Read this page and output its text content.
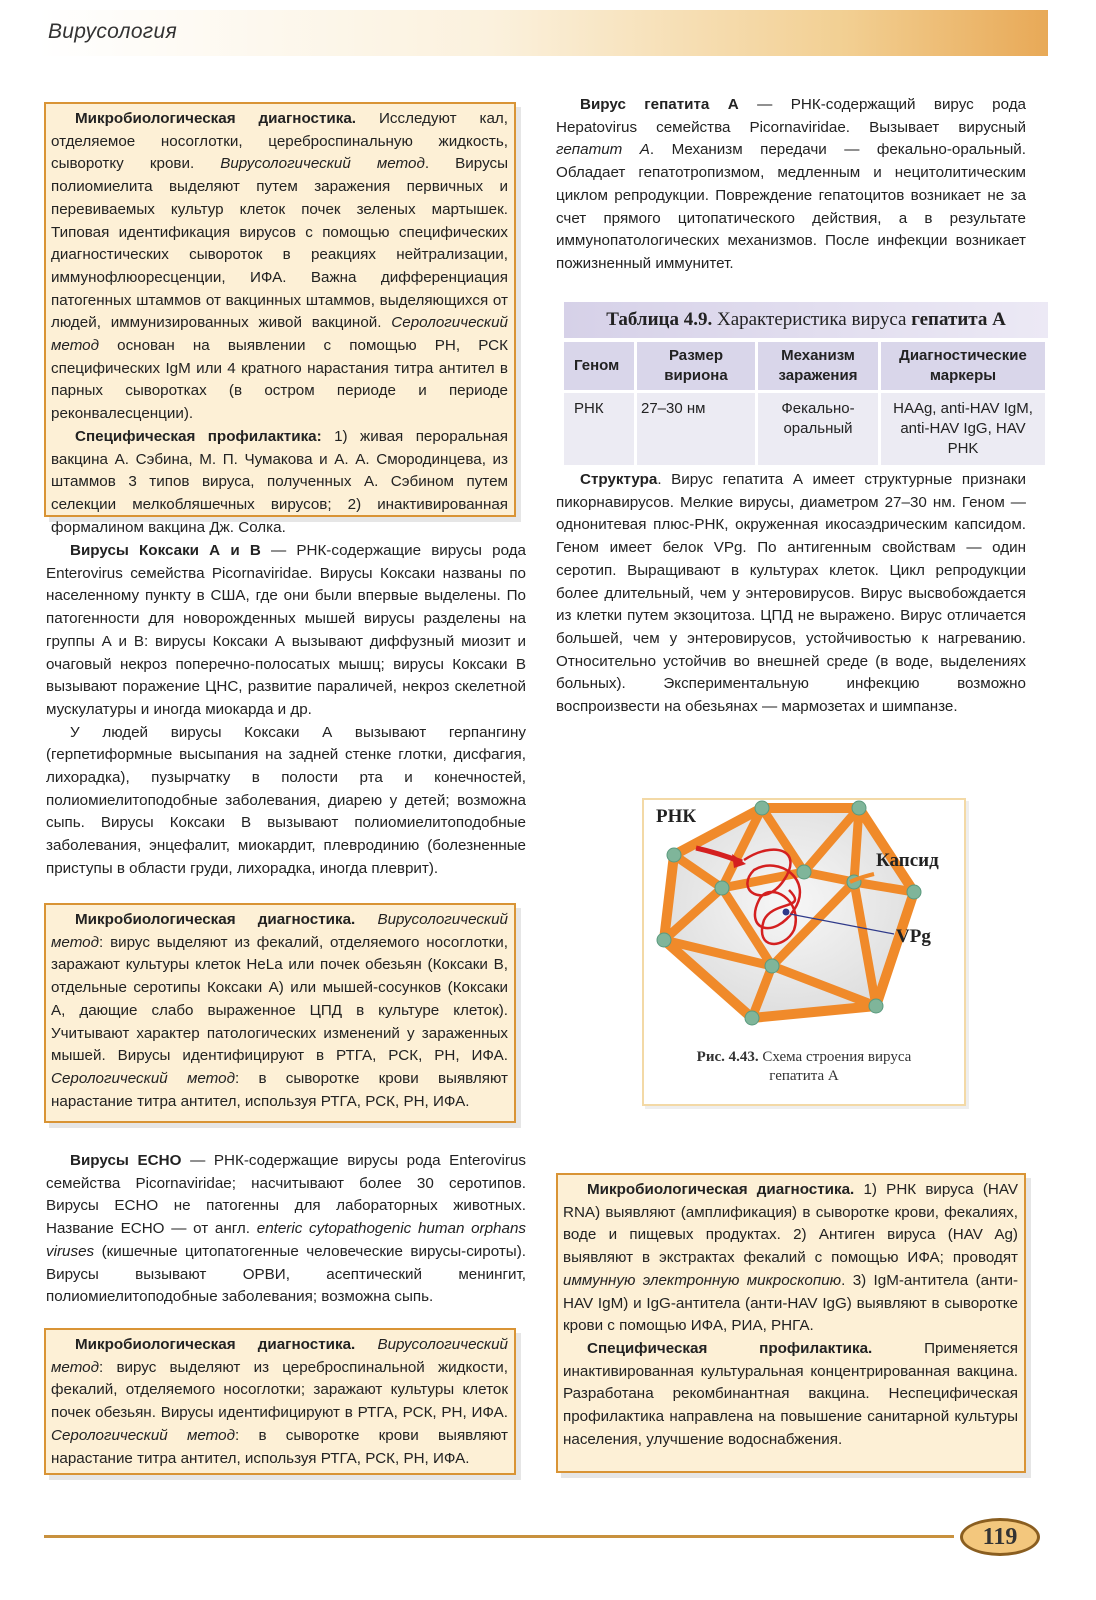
Вирусология

Микробиологическая диагностика. Исследуют кал, отделяемое носоглотки, цереброспинальную жидкость, сыворотку крови. Вирусологический метод. Вирусы полиомиелита выделяют путем заражения первичных и перевиваемых культур клеток почек зеленых мартышек. Типовая идентификация вирусов с помощью специфических диагностических сывороток в реакциях нейтрализации, иммунофлюоресценции, ИФА. Важна дифференциация патогенных штаммов от вакцинных штаммов, выделяющихся от людей, иммунизированных живой вакциной. Серологический метод основан на выявлении с помощью РН, РСК специфических IgM или 4 кратного нарастания титра антител в парных сыворотках (в остром периоде и периоде реконвалесценции).

Специфическая профилактика: 1) живая пероральная вакцина А. Сэбина, М. П. Чумакова и А. А. Смородинцева, из штаммов 3 типов вируса, полученных А. Сэбином путем селекции мелкобляшечных вирусов; 2) инактивированная формалином вакцина Дж. Солка.

Вирусы Коксаки А и В — РНК-содержащие вирусы рода Enterovirus семейства Picornaviridae. Вирусы Коксаки названы по населенному пункту в США, где они были впервые выделены. По патогенности для новорожденных мышей вирусы разделены на группы А и В: вирусы Коксаки А вызывают диффузный миозит и очаговый некроз поперечно-полосатых мышц; вирусы Коксаки В вызывают поражение ЦНС, развитие параличей, некроз скелетной мускулатуры и иногда миокарда и др.

У людей вирусы Коксаки А вызывают герпангину (герпетиформные высыпания на задней стенке глотки, дисфагия, лихорадка), пузырчатку в полости рта и конечностей, полиомиелитоподобные заболевания, диарею у детей; возможна сыпь. Вирусы Коксаки В вызывают полиомиелитоподобные заболевания, энцефалит, миокардит, плевродинию (болезненные приступы в области груди, лихорадка, иногда плеврит).

Микробиологическая диагностика. Вирусологический метод: вирус выделяют из фекалий, отделяемого носоглотки, заражают культуры клеток HeLa или почек обезьян (Коксаки В, отдельные серотипы Коксаки А) или мышей-сосунков (Коксаки А, дающие слабо выраженное ЦПД в культуре клеток). Учитывают характер патологических изменений у зараженных мышей. Вирусы идентифицируют в РТГА, РСК, РН, ИФА. Серологический метод: в сыворотке крови выявляют нарастание титра антител, используя РТГА, РСК, РН, ИФА.

Вирусы ЕСНО — РНК-содержащие вирусы рода Enterovirus семейства Picornaviridae; насчитывают более 30 серотипов. Вирусы ЕСНО не патогенны для лабораторных животных. Название ЕСНО — от англ. enteric cytopathogenic human orphans viruses (кишечные цитопатогенные человеческие вирусы-сироты). Вирусы вызывают ОРВИ, асептический менингит, полиомиелитоподобные заболевания; возможна сыпь.

Микробиологическая диагностика. Вирусологический метод: вирус выделяют из цереброспинальной жидкости, фекалий, отделяемого носоглотки; заражают культуры клеток почек обезьян. Вирусы идентифицируют в РТГА, РСК, РН, ИФА. Серологический метод: в сыворотке крови выявляют нарастание титра антител, используя РТГА, РСК, РН, ИФА.

Вирус гепатита А — РНК-содержащий вирус рода Hepatovirus семейства Picornaviridae. Вызывает вирусный гепатит А. Механизм передачи — фекально-оральный. Обладает гепатотропизмом, медленным и нецитолитическим циклом репродукции. Повреждение гепатоцитов возникает не за счет прямого цитопатического действия, а в результате иммунопатологических механизмов. После инфекции возникает пожизненный иммунитет.

Таблица 4.9. Характеристика вируса гепатита А
Геном	Размер вириона	Механизм заражения	Диагностические маркеры
РНК	27–30 нм	Фекально-оральный	HAAg, anti-HAV IgM, anti-HAV IgG, HAV PHK

Структура. Вирус гепатита А имеет структурные признаки пикорнавирусов. Мелкие вирусы, диаметром 27–30 нм. Геном — однонитевая плюс-РНК, окруженная икосаэдрическим капсидом. Геном имеет белок VPg. По антигенным свойствам — один серотип. Выращивают в культурах клеток. Цикл репродукции более длительный, чем у энтеровирусов. Вирус высвобождается из клетки путем экзоцитоза. ЦПД не выражено. Вирус отличается большей, чем у энтеровирусов, устойчивостью к нагреванию. Относительно устойчив во внешней среде (в воде, выделениях больных). Экспериментальную инфекцию возможно воспроизвести на обезьянах — мармозетах и шимпанзе.

РНК
Капсид
VPg
Рис. 4.43. Схема строения вируса
гепатита А

Микробиологическая диагностика. 1) РНК вируса (HAV RNA) выявляют (амплификация) в сыворотке крови, фекалиях, воде и пищевых продуктах. 2) Антиген вируса (HAV Ag) выявляют в экстрактах фекалий с помощью ИФА; проводят иммунную электронную микроскопию. 3) IgM-антитела (анти-HAV IgM) и IgG-антитела (анти-HAV IgG) выявляют в сыворотке крови с помощью ИФА, РИА, РНГА.

Специфическая профилактика. Применяется инактивированная культуральная концентрированная вакцина. Разработана рекомбинантная вакцина. Неспецифическая профилактика направлена на повышение санитарной культуры населения, улучшение водоснабжения.

119
